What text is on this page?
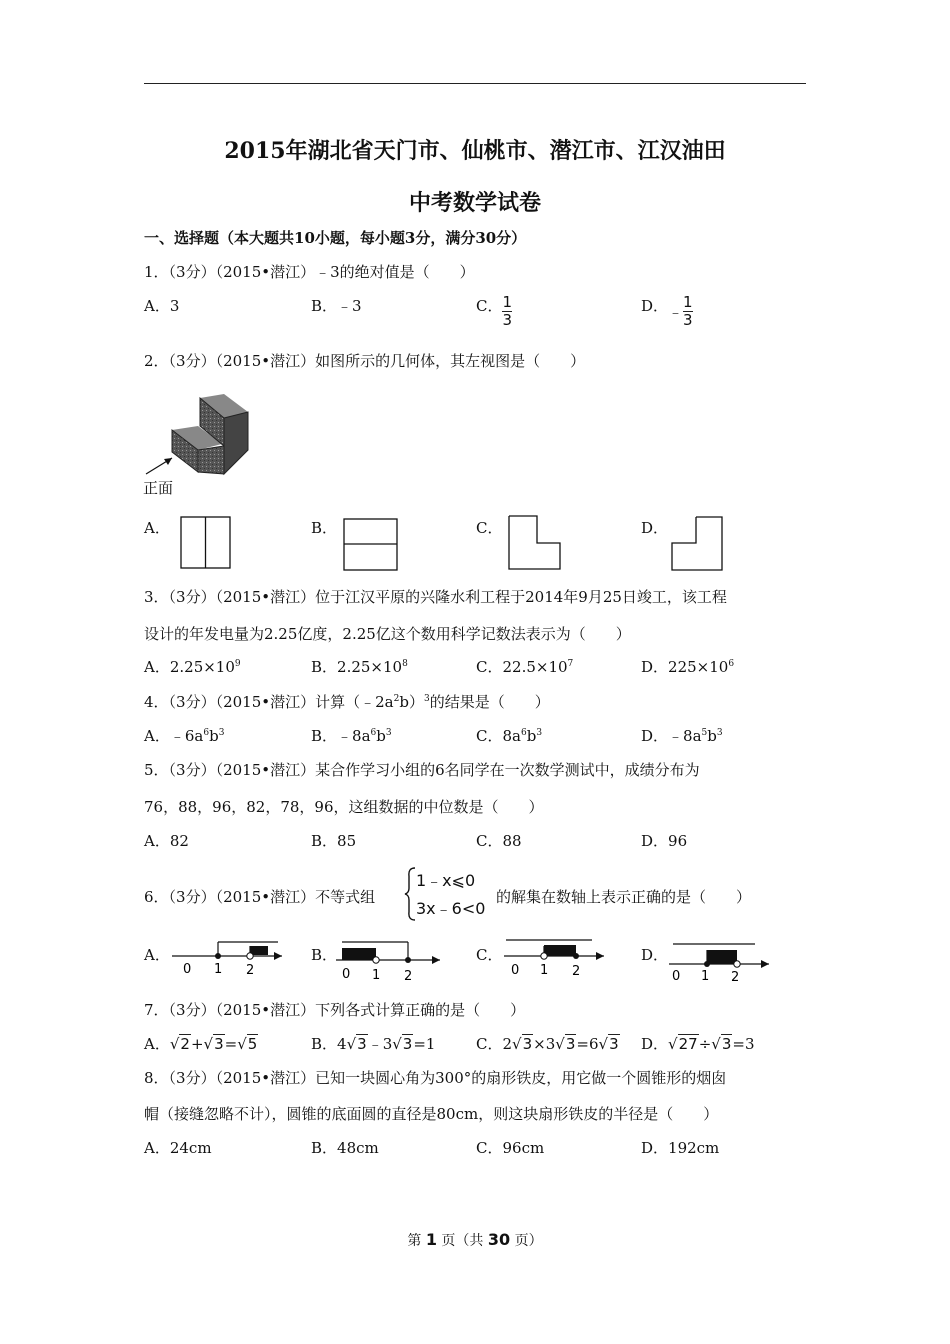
2015年湖北省天门市、仙桃市、潜江市、江汉油田
中考数学试卷
一、选择题（本大题共10小题，每小题3分，满分30分）
1．（3分）（2015•潜江）﹣3的绝对值是（　　）
A．3	B．﹣3	C．$\frac{1}{3}$	D．$﹣\frac{1}{3}$
2．（3分）（2015•潜江）如图所示的几何体，其左视图是（　　）
正面
A．	B．	C．	D．
3．（3分）（2015•潜江）位于江汉平原的兴隆水利工程于2014年9月25日竣工，该工程
设计的年发电量为2.25亿度，2.25亿这个数用科学记数法表示为（　　）
A．$2.25\times 10^9$	B．$2.25\times 10^8$	C．$22.5\times 10^7$	D．$225\times 10^6$
4．（3分）（2015•潜江）计算$(﹣2a^2b)^3$的结果是（　　）
A．$﹣6a^6b^3$	B．$﹣8a^6b^3$	C．$8a^6b^3$	D．$﹣8a^5b^3$
5．（3分）（2015•潜江）某合作学习小组的6名同学在一次数学测试中，成绩分布为
76，88，96，82，78，96，这组数据的中位数是（　　）
A．82	B．85	C．88	D．96
6．（3分）（2015•潜江）不等式组
1﹣x⩽0
3x﹣6<0
的解集在数轴上表示正确的是（　　）
A．
0 1 2
B．
0 1 2
C．
0 1 2
D．
0 1 2
7．（3分）（2015•潜江）下列各式计算正确的是（　　）
A．√2+√3=√5	B．4√3﹣3√3=1	C．2√3×3√3=6√3 D．√27÷√3=3
8．（3分）（2015•潜江）已知一块圆心角为300°的扇形铁皮，用它做一个圆锥形的烟囱
帽（接缝忽略不计），圆锥的底面圆的直径是80cm，则这块扇形铁皮的半径是（　　）
A．24cm	B．48cm	C．96cm	D．192cm
第 1 页（共 30 页）
